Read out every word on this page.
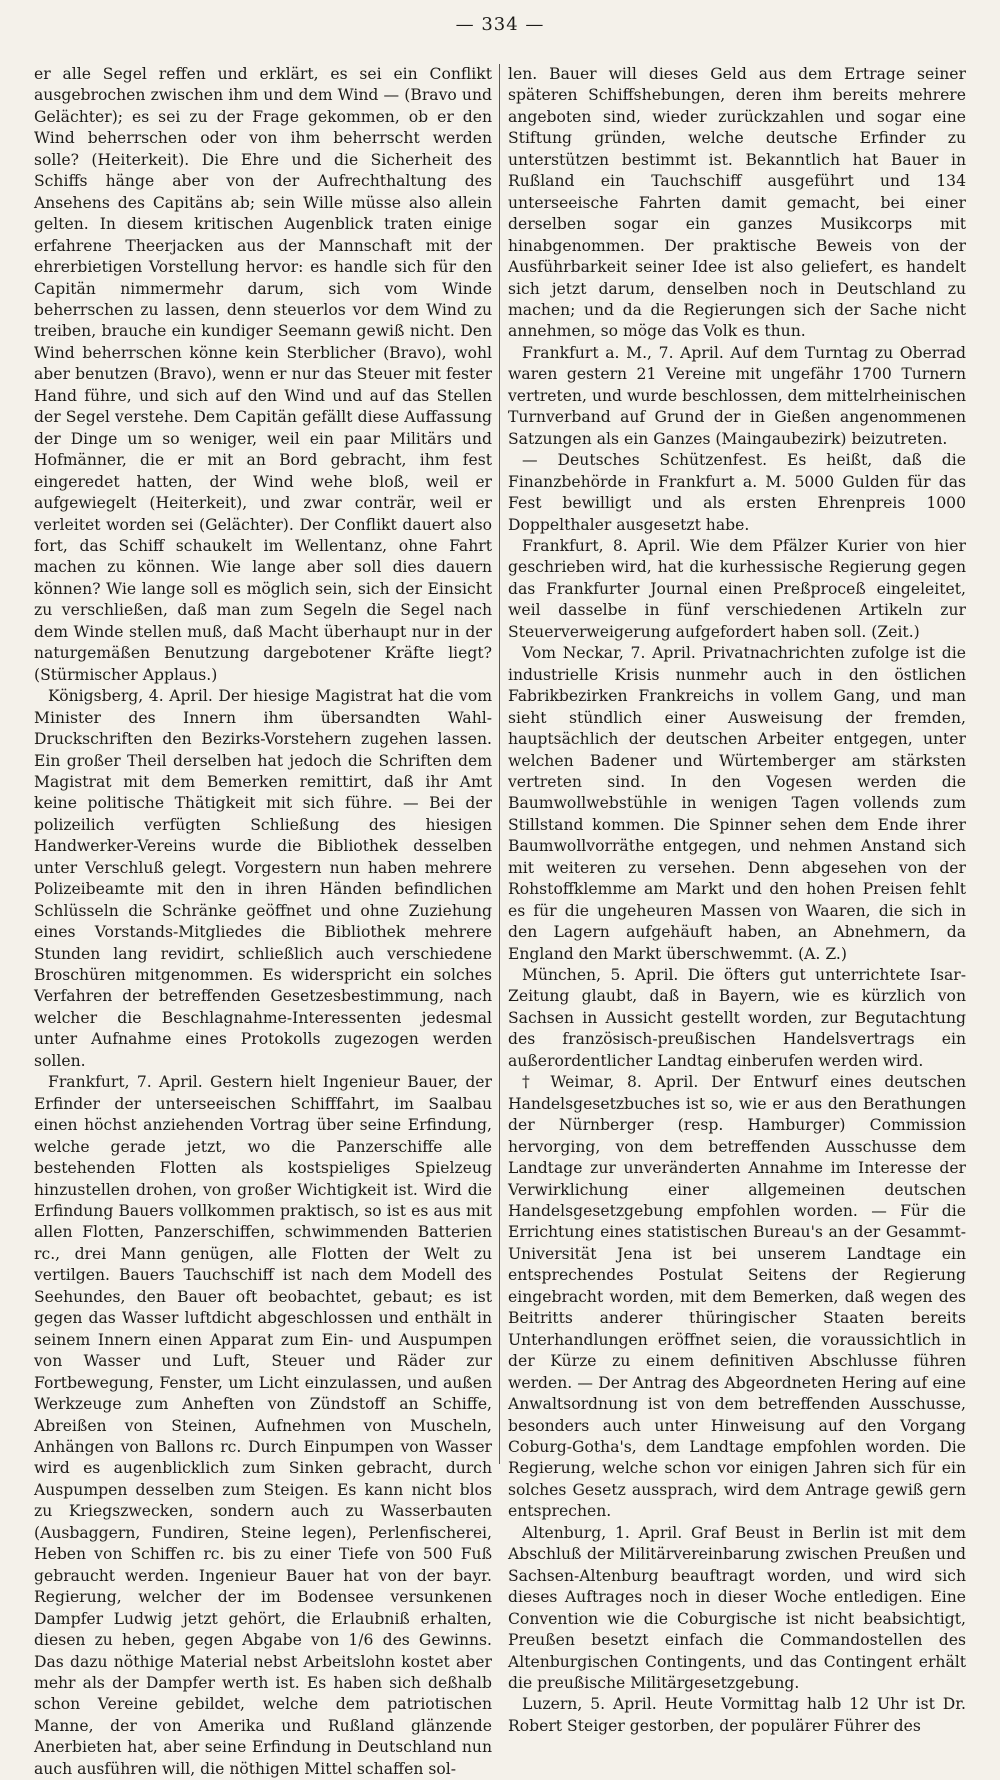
— 334 —

er alle Segel reffen und erklärt, es sei ein Conflikt ausgebrochen zwischen ihm und dem Wind — (Bravo und Gelächter); es sei zu der Frage gekommen, ob er den Wind beherrschen oder von ihm beherrscht werden solle? (Heiterkeit). Die Ehre und die Sicherheit des Schiffs hänge aber von der Aufrechthaltung des Ansehens des Capitäns ab; sein Wille müsse also allein gelten. In diesem kritischen Augenblick traten einige erfahrene Theerjacken aus der Mannschaft mit der ehrerbietigen Vorstellung hervor: es handle sich für den Capitän nimmermehr darum, sich vom Winde beherrschen zu lassen, denn steuerlos vor dem Wind zu treiben, brauche ein kundiger Seemann gewiß nicht. Den Wind beherrschen könne kein Sterblicher (Bravo), wohl aber benutzen (Bravo), wenn er nur das Steuer mit fester Hand führe, und sich auf den Wind und auf das Stellen der Segel verstehe. Dem Capitän gefällt diese Auffassung der Dinge um so weniger, weil ein paar Militärs und Hofmänner, die er mit an Bord gebracht, ihm fest eingeredet hatten, der Wind wehe bloß, weil er aufgewiegelt (Heiterkeit), und zwar conträr, weil er verleitet worden sei (Gelächter). Der Conflikt dauert also fort, das Schiff schaukelt im Wellentanz, ohne Fahrt machen zu können. Wie lange aber soll dies dauern können? Wie lange soll es möglich sein, sich der Einsicht zu verschließen, daß man zum Segeln die Segel nach dem Winde stellen muß, daß Macht überhaupt nur in der naturgemäßen Benutzung dargebotener Kräfte liegt? (Stürmischer Applaus.)

Königsberg, 4. April. Der hiesige Magistrat hat die vom Minister des Innern ihm übersandten Wahl-Druckschriften den Bezirks-Vorstehern zugehen lassen. Ein großer Theil derselben hat jedoch die Schriften dem Magistrat mit dem Bemerken remittirt, daß ihr Amt keine politische Thätigkeit mit sich führe. — Bei der polizeilich verfügten Schließung des hiesigen Handwerker-Vereins wurde die Bibliothek desselben unter Verschluß gelegt. Vorgestern nun haben mehrere Polizeibeamte mit den in ihren Händen befindlichen Schlüsseln die Schränke geöffnet und ohne Zuziehung eines Vorstands-Mitgliedes die Bibliothek mehrere Stunden lang revidirt, schließlich auch verschiedene Broschüren mitgenommen. Es widerspricht ein solches Verfahren der betreffenden Gesetzesbestimmung, nach welcher die Beschlagnahme-Interessenten jedesmal unter Aufnahme eines Protokolls zugezogen werden sollen.

Frankfurt, 7. April. Gestern hielt Ingenieur Bauer, der Erfinder der unterseeischen Schifffahrt, im Saalbau einen höchst anziehenden Vortrag über seine Erfindung, welche gerade jetzt, wo die Panzerschiffe alle bestehenden Flotten als kostspieliges Spielzeug hinzustellen drohen, von großer Wichtigkeit ist. Wird die Erfindung Bauers vollkommen praktisch, so ist es aus mit allen Flotten, Panzerschiffen, schwimmenden Batterien rc., drei Mann genügen, alle Flotten der Welt zu vertilgen. Bauers Tauchschiff ist nach dem Modell des Seehundes, den Bauer oft beobachtet, gebaut; es ist gegen das Wasser luftdicht abgeschlossen und enthält in seinem Innern einen Apparat zum Ein- und Auspumpen von Wasser und Luft, Steuer und Räder zur Fortbewegung, Fenster, um Licht einzulassen, und außen Werkzeuge zum Anheften von Zündstoff an Schiffe, Abreißen von Steinen, Aufnehmen von Muscheln, Anhängen von Ballons rc. Durch Einpumpen von Wasser wird es augenblicklich zum Sinken gebracht, durch Auspumpen desselben zum Steigen. Es kann nicht blos zu Kriegszwecken, sondern auch zu Wasserbauten (Ausbaggern, Fundiren, Steine legen), Perlenfischerei, Heben von Schiffen rc. bis zu einer Tiefe von 500 Fuß gebraucht werden. Ingenieur Bauer hat von der bayr. Regierung, welcher der im Bodensee versunkenen Dampfer Ludwig jetzt gehört, die Erlaubniß erhalten, diesen zu heben, gegen Abgabe von 1/6 des Gewinns. Das dazu nöthige Material nebst Arbeitslohn kostet aber mehr als der Dampfer werth ist. Es haben sich deßhalb schon Vereine gebildet, welche dem patriotischen Manne, der von Amerika und Rußland glänzende Anerbieten hat, aber seine Erfindung in Deutschland nun auch ausführen will, die nöthigen Mittel schaffen sol-

len. Bauer will dieses Geld aus dem Ertrage seiner späteren Schiffshebungen, deren ihm bereits mehrere angeboten sind, wieder zurückzahlen und sogar eine Stiftung gründen, welche deutsche Erfinder zu unterstützen bestimmt ist. Bekanntlich hat Bauer in Rußland ein Tauchschiff ausgeführt und 134 unterseeische Fahrten damit gemacht, bei einer derselben sogar ein ganzes Musikcorps mit hinabgenommen. Der praktische Beweis von der Ausführbarkeit seiner Idee ist also geliefert, es handelt sich jetzt darum, denselben noch in Deutschland zu machen; und da die Regierungen sich der Sache nicht annehmen, so möge das Volk es thun.

Frankfurt a. M., 7. April. Auf dem Turntag zu Oberrad waren gestern 21 Vereine mit ungefähr 1700 Turnern vertreten, und wurde beschlossen, dem mittelrheinischen Turnverband auf Grund der in Gießen angenommenen Satzungen als ein Ganzes (Maingaubezirk) beizutreten.

— Deutsches Schützenfest. Es heißt, daß die Finanzbehörde in Frankfurt a. M. 5000 Gulden für das Fest bewilligt und als ersten Ehrenpreis 1000 Doppelthaler ausgesetzt habe.

Frankfurt, 8. April. Wie dem Pfälzer Kurier von hier geschrieben wird, hat die kurhessische Regierung gegen das Frankfurter Journal einen Preßproceß eingeleitet, weil dasselbe in fünf verschiedenen Artikeln zur Steuerverweigerung aufgefordert haben soll. (Zeit.)

Vom Neckar, 7. April. Privatnachrichten zufolge ist die industrielle Krisis nunmehr auch in den östlichen Fabrikbezirken Frankreichs in vollem Gang, und man sieht stündlich einer Ausweisung der fremden, hauptsächlich der deutschen Arbeiter entgegen, unter welchen Badener und Würtemberger am stärksten vertreten sind. In den Vogesen werden die Baumwollwebstühle in wenigen Tagen vollends zum Stillstand kommen. Die Spinner sehen dem Ende ihrer Baumwollvorräthe entgegen, und nehmen Anstand sich mit weiteren zu versehen. Denn abgesehen von der Rohstoffklemme am Markt und den hohen Preisen fehlt es für die ungeheuren Massen von Waaren, die sich in den Lagern aufgehäuft haben, an Abnehmern, da England den Markt überschwemmt. (A. Z.)

München, 5. April. Die öfters gut unterrichtete Isar-Zeitung glaubt, daß in Bayern, wie es kürzlich von Sachsen in Aussicht gestellt worden, zur Begutachtung des französisch-preußischen Handelsvertrags ein außerordentlicher Landtag einberufen werden wird.

† Weimar, 8. April. Der Entwurf eines deutschen Handelsgesetzbuches ist so, wie er aus den Berathungen der Nürnberger (resp. Hamburger) Commission hervorging, von dem betreffenden Ausschusse dem Landtage zur unveränderten Annahme im Interesse der Verwirklichung einer allgemeinen deutschen Handelsgesetzgebung empfohlen worden. — Für die Errichtung eines statistischen Bureau's an der Gesammt-Universität Jena ist bei unserem Landtage ein entsprechendes Postulat Seitens der Regierung eingebracht worden, mit dem Bemerken, daß wegen des Beitritts anderer thüringischer Staaten bereits Unterhandlungen eröffnet seien, die voraussichtlich in der Kürze zu einem definitiven Abschlusse führen werden. — Der Antrag des Abgeordneten Hering auf eine Anwaltsordnung ist von dem betreffenden Ausschusse, besonders auch unter Hinweisung auf den Vorgang Coburg-Gotha's, dem Landtage empfohlen worden. Die Regierung, welche schon vor einigen Jahren sich für ein solches Gesetz aussprach, wird dem Antrage gewiß gern entsprechen.

Altenburg, 1. April. Graf Beust in Berlin ist mit dem Abschluß der Militärvereinbarung zwischen Preußen und Sachsen-Altenburg beauftragt worden, und wird sich dieses Auftrages noch in dieser Woche entledigen. Eine Convention wie die Coburgische ist nicht beabsichtigt, Preußen besetzt einfach die Commandostellen des Altenburgischen Contingents, und das Contingent erhält die preußische Militärgesetzgebung.

Luzern, 5. April. Heute Vormittag halb 12 Uhr ist Dr. Robert Steiger gestorben, der populärer Führer des
